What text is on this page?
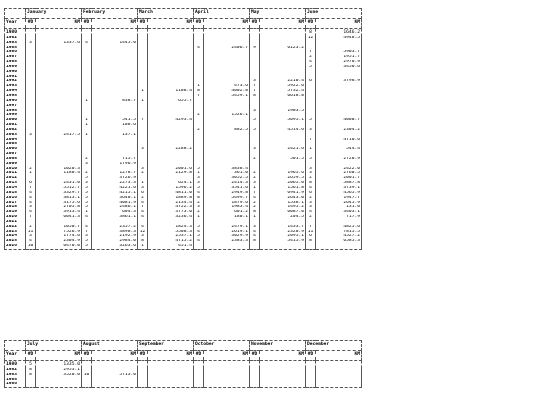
	January		February		March		April		May		June	
Year	#D	KM	#D	KM	#D	KM	#D	KM	#D	KM	#D	KM
1980											8	1646.2
1982											12	4948.5
1983	3	1337.6	4	1445.0								
1985							4	2406.7	9	6123.2		
1986											7	5903.7
1987											2	1951.7
1988											4	2970.9
1989											5	3450.6
1990												
1991												
1992									3	2210.4	6	3798.9
1993							1	473.6	7	5922.6		
1994					1	1108.4	8	4002.8	7	5732.4		
1995							7	5459.1	8	6618.8		
1996			1	838.7	1	655.7						
1997												
1998									3	1903.5		
1999							2	1526.1				
2000			1	541.5	7	4293.4			5	5095.1	5	4000.7
2001			1	108.6								
2002							2	882.5	5	4514.6	3	2304.2
2003	3	2417.5	1	137.1								
2004											7	4710.6
2005												
2006					3	2288.2			3	2421.6	1	544.4
2007												
2008			2	715.7					2	501.5	5	2720.9
2009			3	1796.9								
2010	2	1020.3			3	2001.6	5	3838.4			3	2422.0
2011	1	1180.4	2	1278.7	2	2129.8	1	361.0	2	1965.6	3	2760.5
2012			5	3726.9			3	3052.5	2	2659.5	2	2001.7
2013	6	2431.0	3	2273.3	1	624.1	3	2414.3	3	2065.0	8	5887.8
2014	7	5512.7	5	4221.6	3	1596.2	5	3541.6	1	1561.8	4	3739.1
2015	4	3329.7	5	4215.1	6	4811.0	4	2949.8	7	6941.9	6	4565.9
2016	4	3813.1	5	3640.1	2	1889.8	8	5499.7	4	2643.0	2	1947.7
2017	4	3175.6	5	4081.9	4	2134.4	2	1879.6	2	1538.1	3	2645.9
2018	3	2705.8	5	2486.1	7	4722.3	3	1983.4	2	1495.2	3	131.0
2019	4	3913.4	1	604.3	4	3773.0	2	601.2	8	6087.0	4	3403.1
2020	7	6041.3	4	3861.1	4	3236.4	1	180.1	1	204.5	2	717.9
2021												
2022	2	1050.7	4	2357.2	4	1824.3	5	2479.1	3	1433.7	7	4825.6
2023	11	7526.9	7	3898.3	12	5508.3	4	2619.1	4	2320.9	11	7815.5
2024	3	1774.6	3	2192.9	3	2537.1	5	3029.9	4	2095.1	6	4527.2
2025	4	2304.9	5	2984.0	8	4715.2	4	2383.3	8	5415.9	8	6585.3
2026	10	6470.0	5	3263.6	1	451.4						
	July		August		September		October		November		December	
Year	#D	KM	#D	KM	#D	KM	#D	KM	#D	KM	#D	KM
1980	5	1335.0										
1982	8	2953.1										
1983	8	3520.0	10	5713.0								
1985												
1986												
